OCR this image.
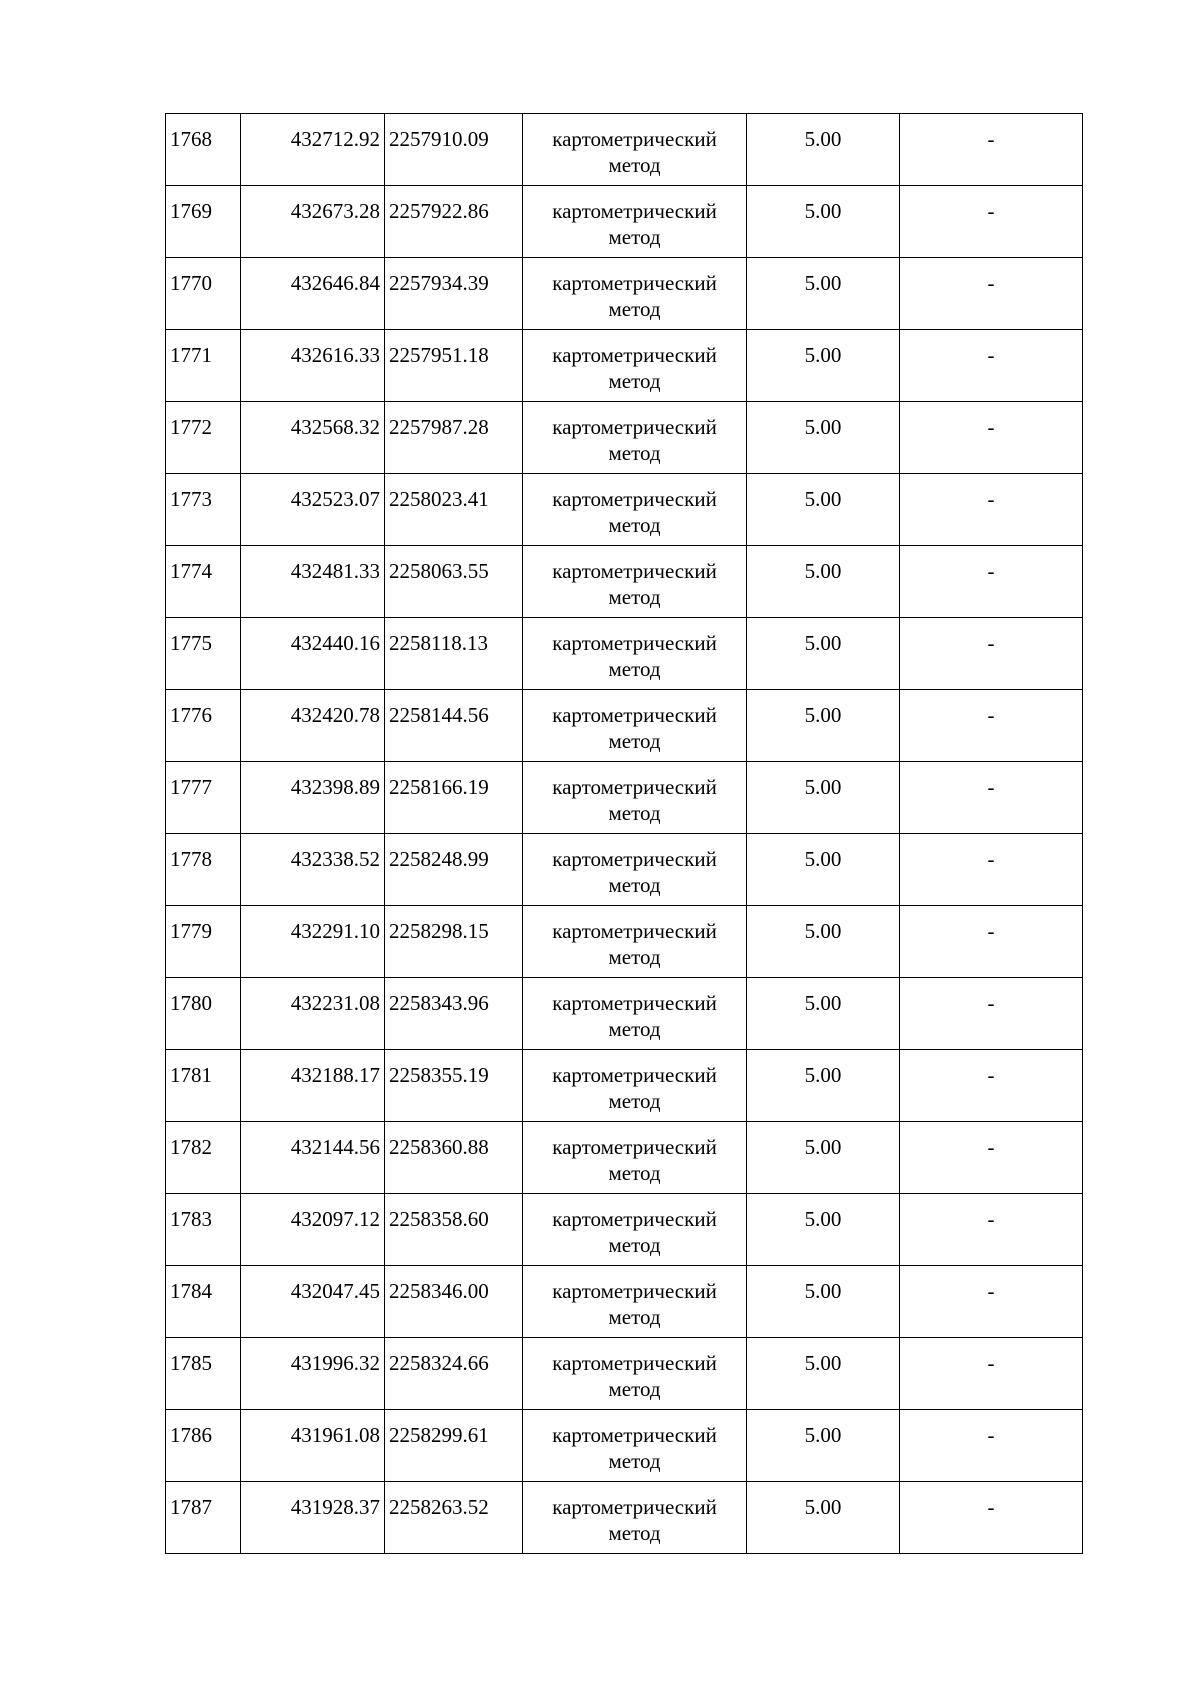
1768	432712.92	2257910.09	картометрический метод	5.00	-
1769	432673.28	2257922.86	картометрический метод	5.00	-
1770	432646.84	2257934.39	картометрический метод	5.00	-
1771	432616.33	2257951.18	картометрический метод	5.00	-
1772	432568.32	2257987.28	картометрический метод	5.00	-
1773	432523.07	2258023.41	картометрический метод	5.00	-
1774	432481.33	2258063.55	картометрический метод	5.00	-
1775	432440.16	2258118.13	картометрический метод	5.00	-
1776	432420.78	2258144.56	картометрический метод	5.00	-
1777	432398.89	2258166.19	картометрический метод	5.00	-
1778	432338.52	2258248.99	картометрический метод	5.00	-
1779	432291.10	2258298.15	картометрический метод	5.00	-
1780	432231.08	2258343.96	картометрический метод	5.00	-
1781	432188.17	2258355.19	картометрический метод	5.00	-
1782	432144.56	2258360.88	картометрический метод	5.00	-
1783	432097.12	2258358.60	картометрический метод	5.00	-
1784	432047.45	2258346.00	картометрический метод	5.00	-
1785	431996.32	2258324.66	картометрический метод	5.00	-
1786	431961.08	2258299.61	картометрический метод	5.00	-
1787	431928.37	2258263.52	картометрический метод	5.00	-
